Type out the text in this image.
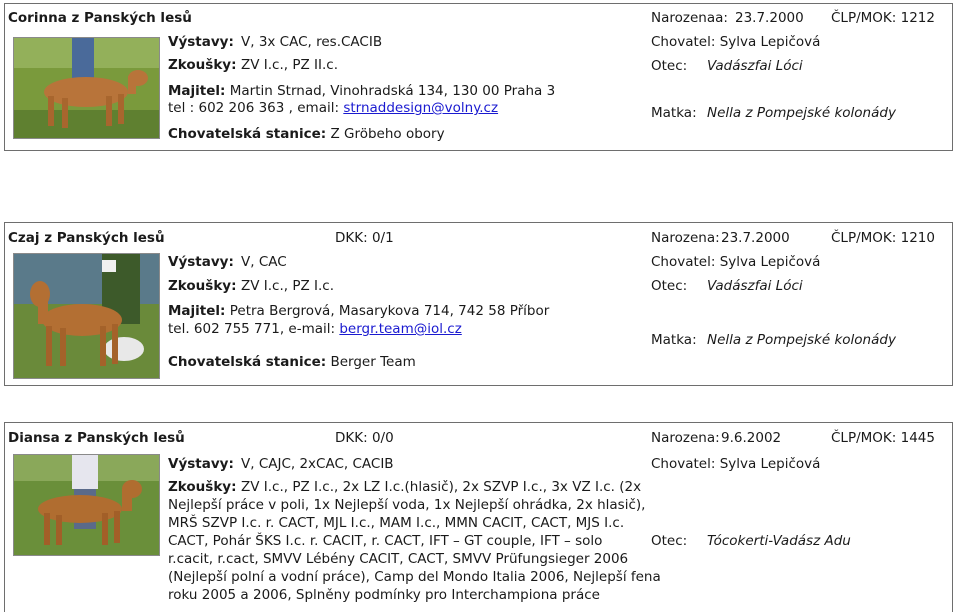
Corinna z Panských lesů	Narozenaa: 23.7.2000 ČLP/MOK: 1212
Výstavy: V, 3x CAC, res.CACIB
Zkoušky: ZV I.c., PZ II.c.
Majitel: Martin Strnad, Vinohradská 134, 130 00 Praha 3
tel : 602 206 363 , email: strnaddesign@volny.cz
Chovatelská stanice: Z Gröbeho obory
Chovatel: Sylva Lepičová
Otec: Vadászfai Lóci
Matka: Nella z Pompejské kolonády
Czaj z Panských lesů	DKK: 0/1	Narozena: 23.7.2000	ČLP/MOK: 1210
Výstavy: V, CAC
Zkoušky: ZV I.c., PZ I.c.
Majitel: Petra Bergrová, Masarykova 714, 742 58 Příbor
tel. 602 755 771, e-mail: bergr.team@iol.cz
Chovatelská stanice: Berger Team
Chovatel: Sylva Lepičová
Otec: Vadászfai Lóci
Matka: Nella z Pompejské kolonády
Diansa z Panských lesů	DKK: 0/0	Narozena: 9.6.2002	ČLP/MOK: 1445
Výstavy: V, CAJC, 2xCAC, CACIB
Zkoušky: ZV I.c., PZ I.c., 2x LZ I.c.(hlasič), 2x SZVP I.c., 3x VZ I.c. (2x
Nejlepší práce v poli, 1x Nejlepší voda, 1x Nejlepší ohrádka, 2x hlasič),
MRŠ SZVP I.c. r. CACT, MJL I.c., MAM I.c., MMN CACIT, CACT, MJS I.c.
CACT, Pohár ŠKS I.c. r. CACIT, r. CACT, IFT – GT couple, IFT – solo
r.cacit, r.cact, SMVV Lébény CACIT, CACT, SMVV Prüfungsieger 2006
(Nejlepší polní a vodní práce), Camp del Mondo Italia 2006, Nejlepší fena
roku 2005 a 2006, Splněny podmínky pro Interchampiona práce
Chovatel: Sylva Lepičová
Otec: Tócokerti-Vadász Adu
